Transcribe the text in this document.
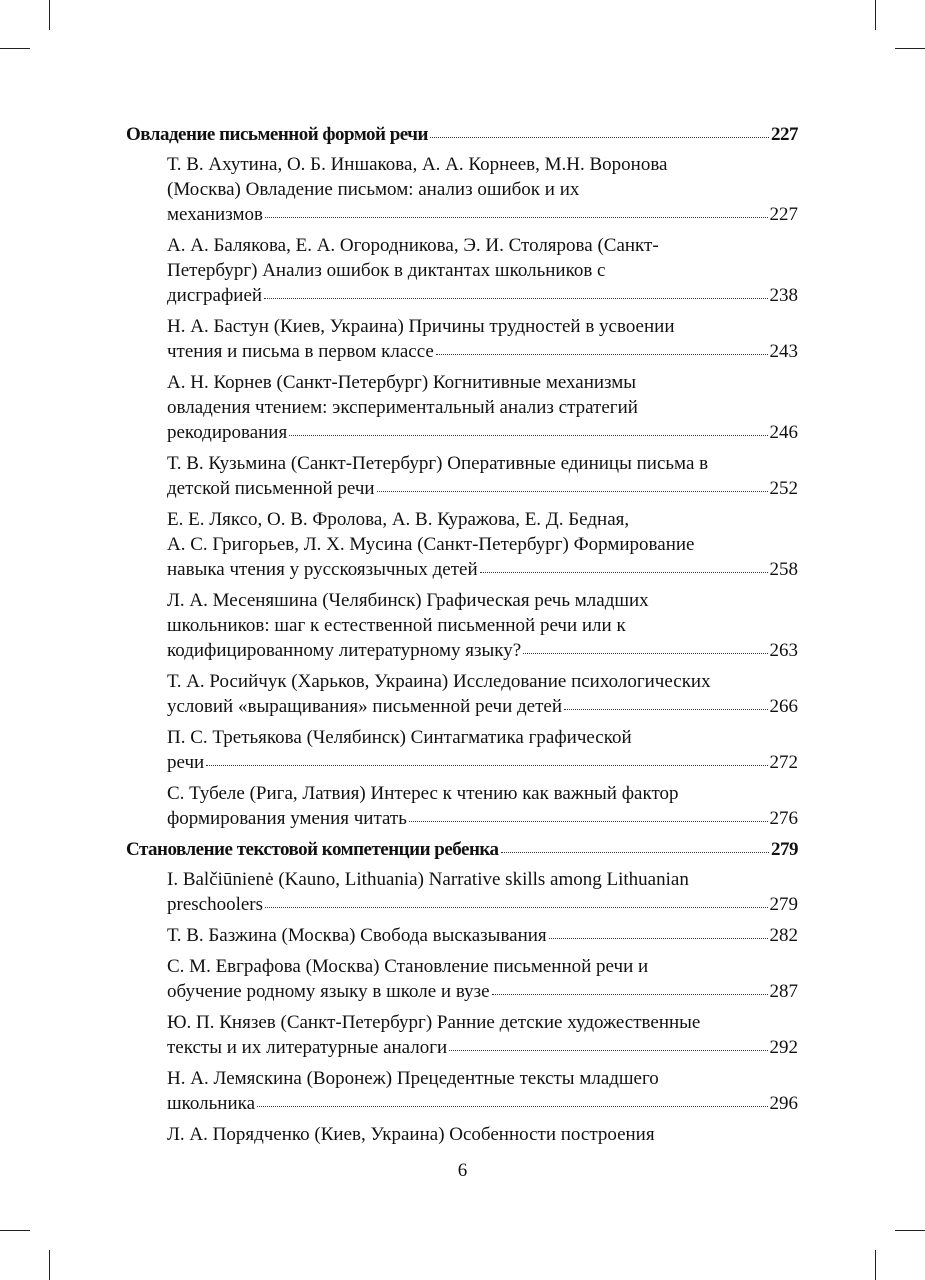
Овладение письменной формой речи	227
Т. В. Ахутина, О. Б. Иншакова, А. А. Корнеев, М.Н. Воронова
(Москва) Овладение письмом: анализ ошибок и их
механизмов	227
А. А. Балякова, Е. А. Огородникова, Э. И. Столярова (Санкт-
Петербург) Анализ ошибок в диктантах школьников с
дисграфией	238
Н. А. Бастун (Киев, Украина) Причины трудностей в усвоении
чтения и письма в первом классе	243
А. Н. Корнев (Санкт-Петербург) Когнитивные механизмы
овладения чтением: экспериментальный анализ стратегий
рекодирования	246
Т. В. Кузьмина (Санкт-Петербург) Оперативные единицы письма в
детской письменной речи	252
Е. Е. Ляксо, О. В. Фролова, А. В. Куражова, Е. Д. Бедная,
А. С. Григорьев, Л. Х. Мусина (Санкт-Петербург) Формирование
навыка чтения у русскоязычных детей	258
Л. А. Месеняшина (Челябинск) Графическая речь младших
школьников: шаг к естественной письменной речи или к
кодифицированному литературному языку?	263
Т. А. Росийчук (Харьков, Украина) Исследование психологических
условий «выращивания» письменной речи детей	266
П. С. Третьякова (Челябинск) Синтагматика графической
речи	272
С. Тубеле (Рига, Латвия) Интерес к чтению как важный фактор
формирования умения читать	276
Становление текстовой компетенции ребенка	279
I. Balčiūnienė (Kauno, Lithuania) Narrative skills among Lithuanian
preschoolers	279
Т. В. Базжина (Москва) Свобода высказывания	282
С. М. Евграфова (Москва) Становление письменной речи и
обучение родному языку в школе и вузе	287
Ю. П. Князев (Санкт-Петербург) Ранние детские художественные
тексты и их литературные аналоги	292
Н. А. Лемяскина (Воронеж) Прецедентные тексты младшего
школьника	296
Л. А. Порядченко (Киев, Украина) Особенности построения
6
